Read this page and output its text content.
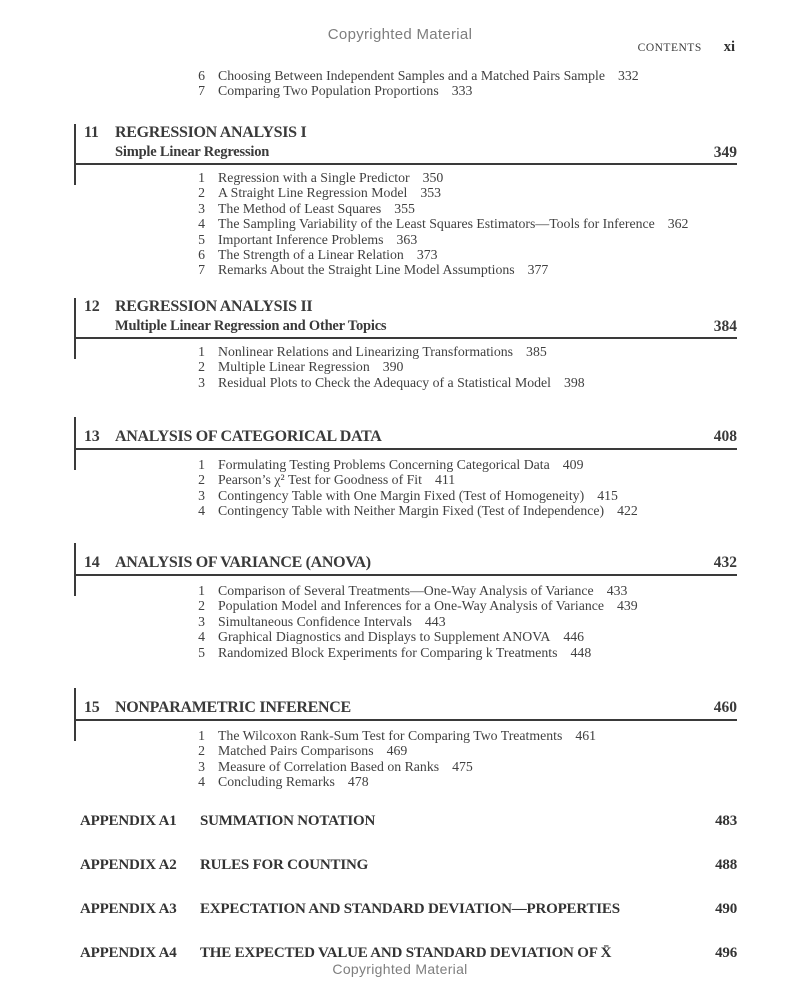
Copyrighted Material
CONTENTS xi
6 Choosing Between Independent Samples and a Matched Pairs Sample 332
7 Comparing Two Population Proportions 333
11 REGRESSION ANALYSIS I
Simple Linear Regression	349
1 Regression with a Single Predictor 350
2 A Straight Line Regression Model 353
3 The Method of Least Squares 355
4 The Sampling Variability of the Least Squares Estimators—Tools for Inference 362
5 Important Inference Problems 363
6 The Strength of a Linear Relation 373
7 Remarks About the Straight Line Model Assumptions 377
12 REGRESSION ANALYSIS II
Multiple Linear Regression and Other Topics	384
1 Nonlinear Relations and Linearizing Transformations 385
2 Multiple Linear Regression 390
3 Residual Plots to Check the Adequacy of a Statistical Model 398
13 ANALYSIS OF CATEGORICAL DATA	408
1 Formulating Testing Problems Concerning Categorical Data 409
2 Pearson’s χ² Test for Goodness of Fit 411
3 Contingency Table with One Margin Fixed (Test of Homogeneity) 415
4 Contingency Table with Neither Margin Fixed (Test of Independence) 422
14 ANALYSIS OF VARIANCE (ANOVA)	432
1 Comparison of Several Treatments—One-Way Analysis of Variance 433
2 Population Model and Inferences for a One-Way Analysis of Variance 439
3 Simultaneous Confidence Intervals 443
4 Graphical Diagnostics and Displays to Supplement ANOVA 446
5 Randomized Block Experiments for Comparing k Treatments 448
15 NONPARAMETRIC INFERENCE	460
1 The Wilcoxon Rank-Sum Test for Comparing Two Treatments 461
2 Matched Pairs Comparisons 469
3 Measure of Correlation Based on Ranks 475
4 Concluding Remarks 478
APPENDIX A1 SUMMATION NOTATION	483
APPENDIX A2 RULES FOR COUNTING	488
APPENDIX A3 EXPECTATION AND STANDARD DEVIATION—PROPERTIES	490
APPENDIX A4 THE EXPECTED VALUE AND STANDARD DEVIATION OF X̄	496
Copyrighted Material
